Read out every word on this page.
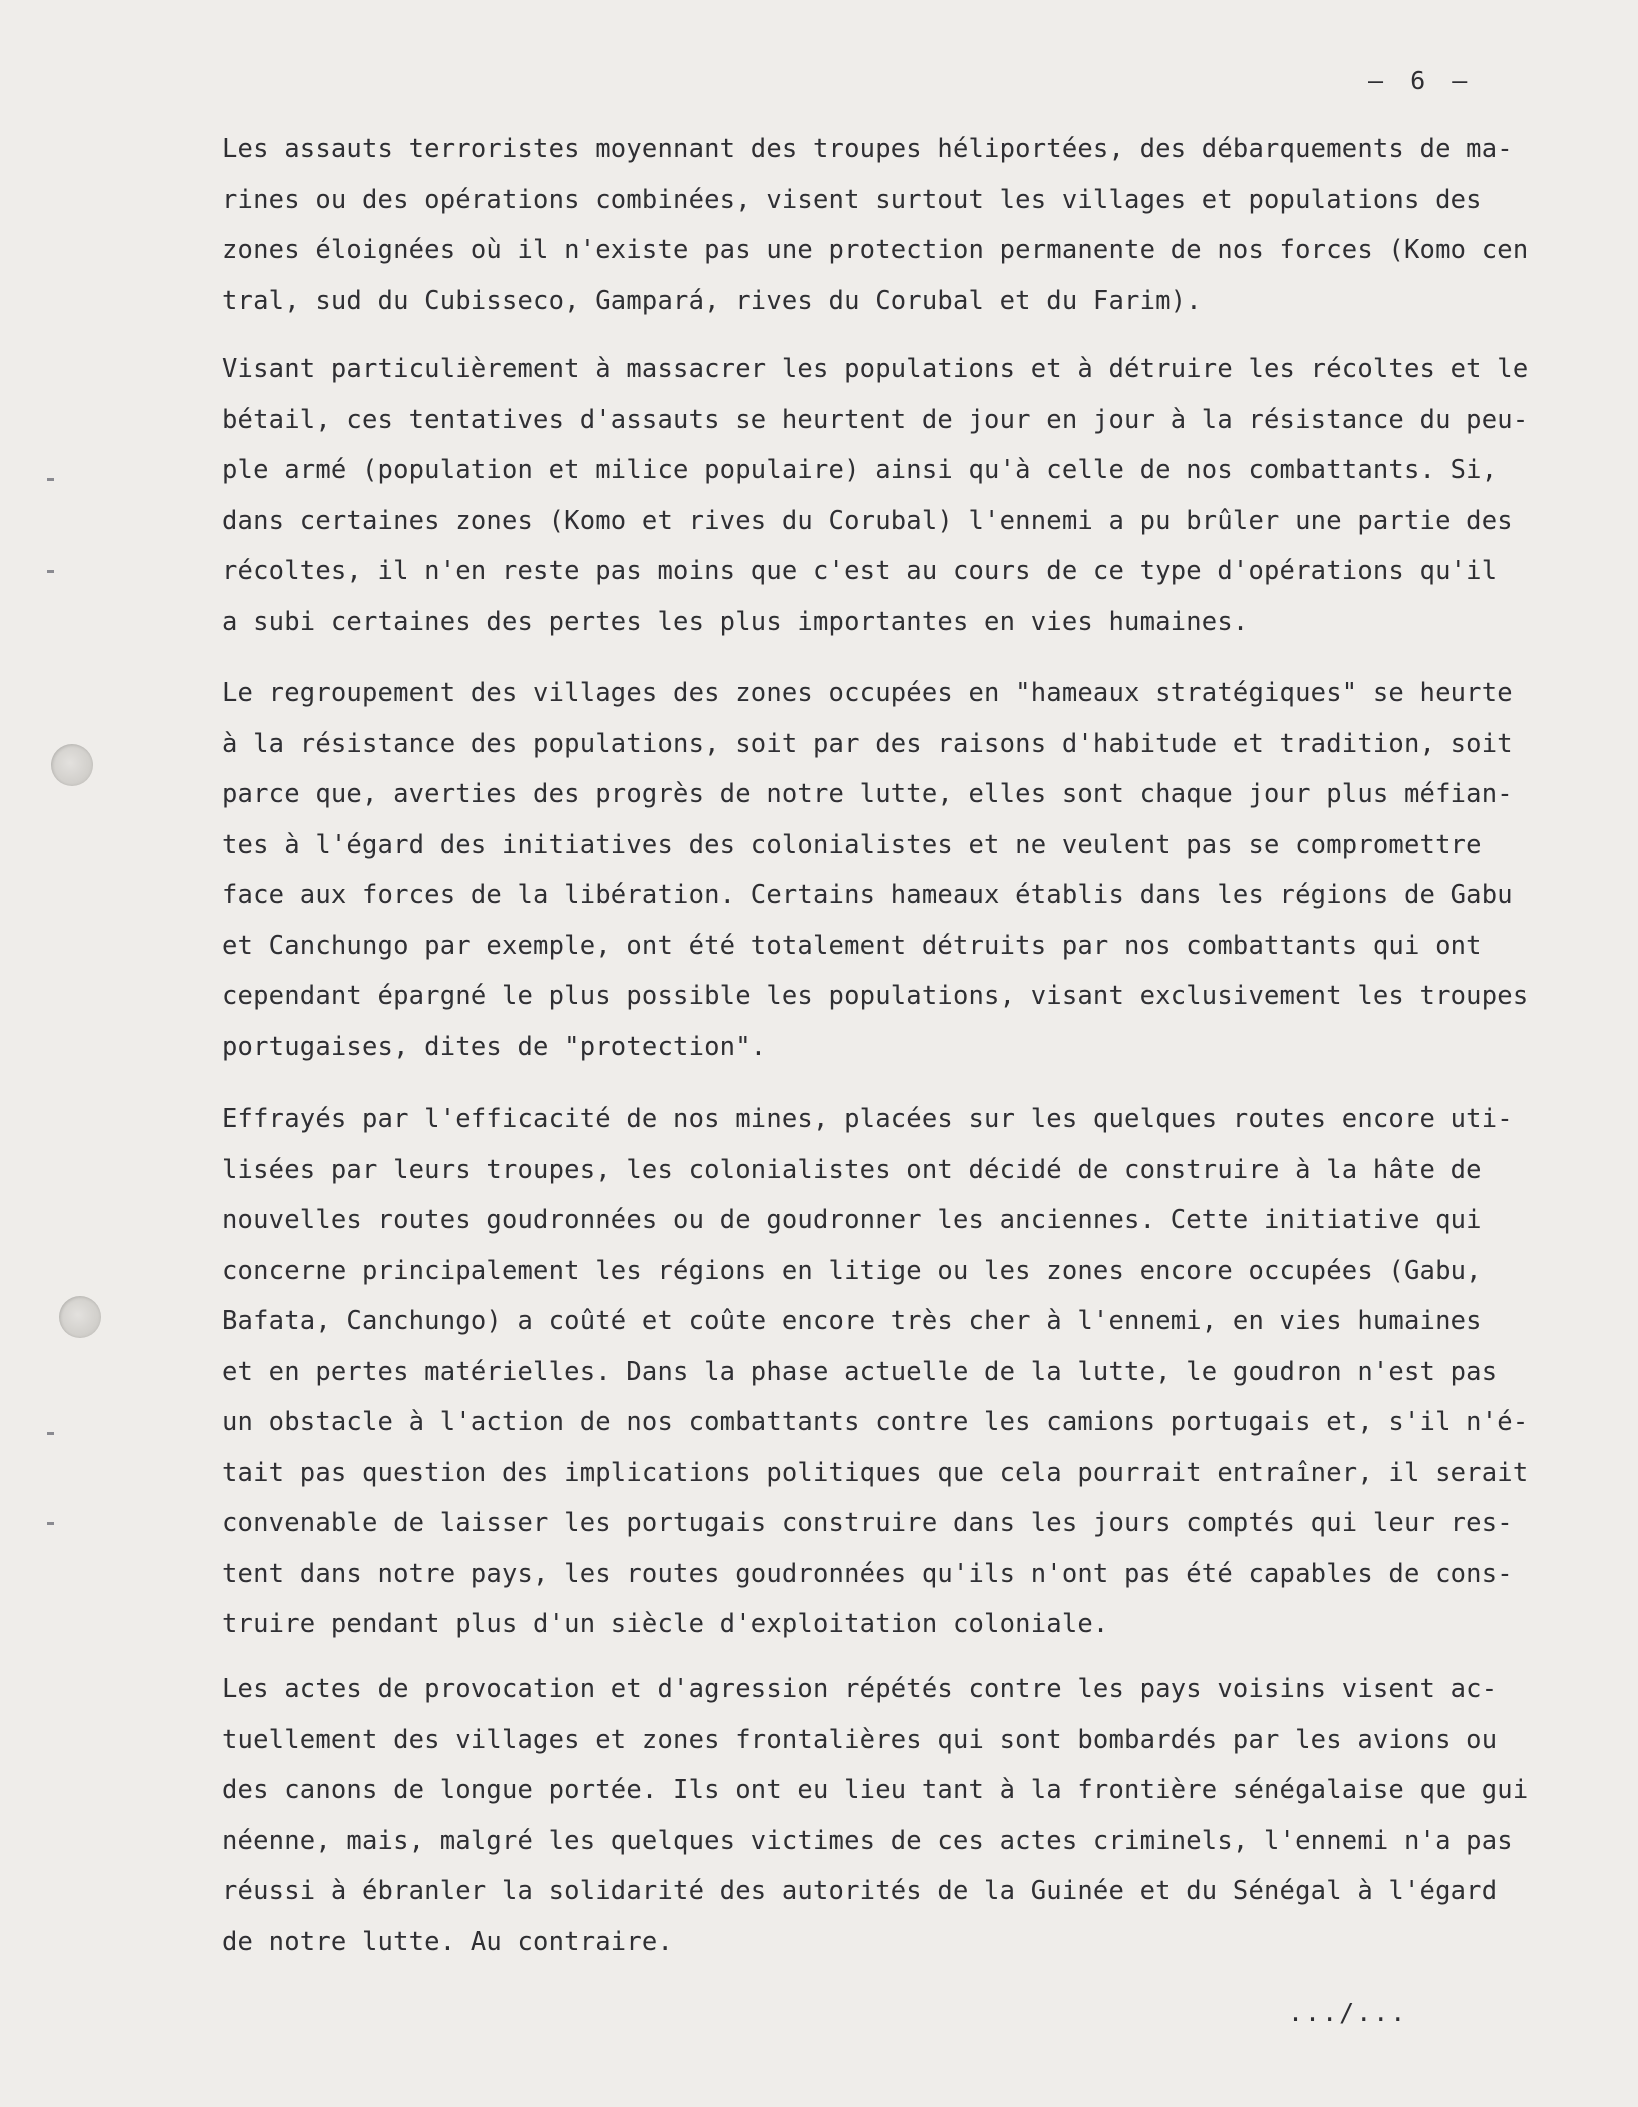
— 6 —
Les assauts terroristes moyennant des troupes héliportées, des débarquements de ma-
rines ou des opérations combinées, visent surtout les villages et populations des
zones éloignées où il n'existe pas une protection permanente de nos forces (Komo cen
tral, sud du Cubisseco, Gampará, rives du Corubal et du Farim).
Visant particulièrement à massacrer les populations et à détruire les récoltes et le
bétail, ces tentatives d'assauts se heurtent de jour en jour à la résistance du peu-
ple armé (population et milice populaire) ainsi qu'à celle de nos combattants. Si,
dans certaines zones (Komo et rives du Corubal) l'ennemi a pu brûler une partie des
récoltes, il n'en reste pas moins que c'est au cours de ce type d'opérations qu'il
a subi certaines des pertes les plus importantes en vies humaines.
Le regroupement des villages des zones occupées en "hameaux stratégiques" se heurte
à la résistance des populations, soit par des raisons d'habitude et tradition, soit
parce que, averties des progrès de notre lutte, elles sont chaque jour plus méfian-
tes à l'égard des initiatives des colonialistes et ne veulent pas se compromettre
face aux forces de la libération. Certains hameaux établis dans les régions de Gabu
et Canchungo par exemple, ont été totalement détruits par nos combattants qui ont
cependant épargné le plus possible les populations, visant exclusivement les troupes
portugaises, dites de "protection".
Effrayés par l'efficacité de nos mines, placées sur les quelques routes encore uti-
lisées par leurs troupes, les colonialistes ont décidé de construire à la hâte de
nouvelles routes goudronnées ou de goudronner les anciennes. Cette initiative qui
concerne principalement les régions en litige ou les zones encore occupées (Gabu,
Bafata, Canchungo) a coûté et coûte encore très cher à l'ennemi, en vies humaines
et en pertes matérielles. Dans la phase actuelle de la lutte, le goudron n'est pas
un obstacle à l'action de nos combattants contre les camions portugais et, s'il n'é-
tait pas question des implications politiques que cela pourrait entraîner, il serait
convenable de laisser les portugais construire dans les jours comptés qui leur res-
tent dans notre pays, les routes goudronnées qu'ils n'ont pas été capables de cons-
truire pendant plus d'un siècle d'exploitation coloniale.
Les actes de provocation et d'agression répétés contre les pays voisins visent ac-
tuellement des villages et zones frontalières qui sont bombardés par les avions ou
des canons de longue portée. Ils ont eu lieu tant à la frontière sénégalaise que gui
néenne, mais, malgré les quelques victimes de ces actes criminels, l'ennemi n'a pas
réussi à ébranler la solidarité des autorités de la Guinée et du Sénégal à l'égard
de notre lutte. Au contraire.
.../...
